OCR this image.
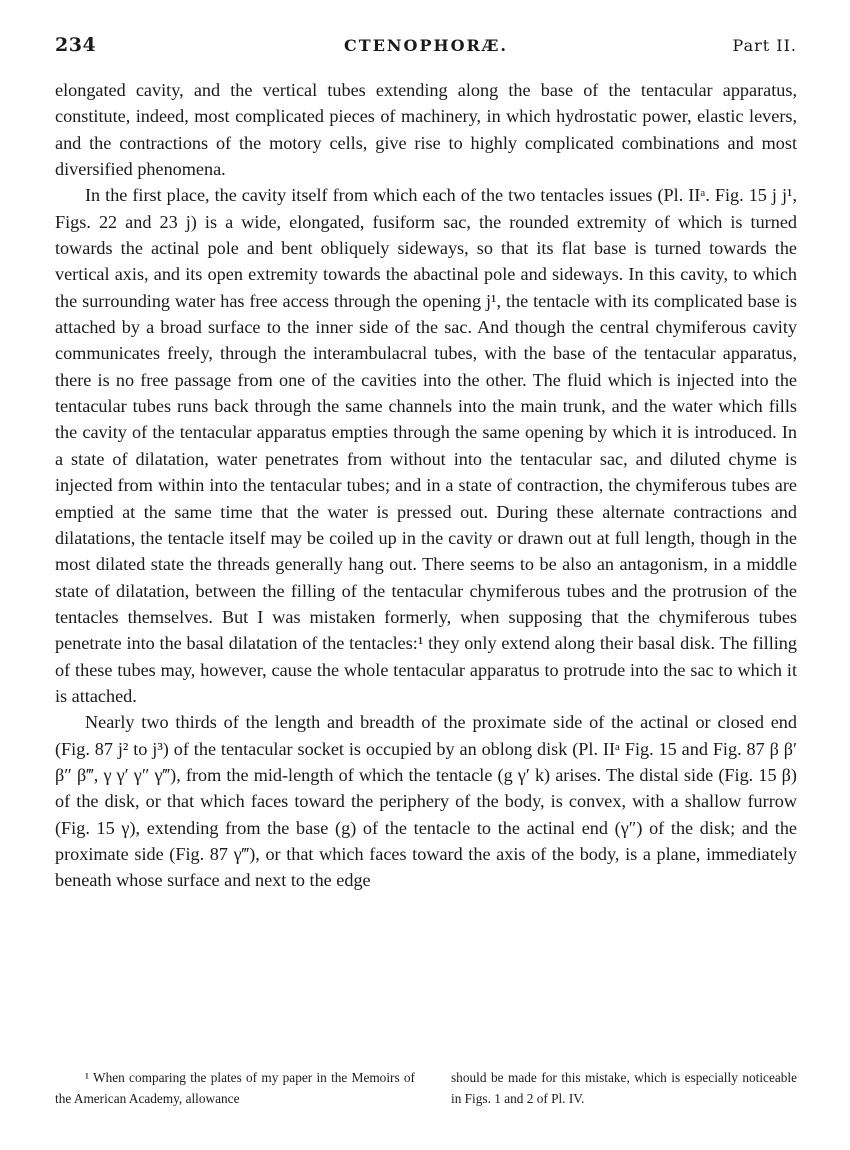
234	CTENOPHORÆ.	Part II.

elongated cavity, and the vertical tubes extending along the base of the tentacular apparatus, constitute, indeed, most complicated pieces of machinery, in which hydrostatic power, elastic levers, and the contractions of the motory cells, give rise to highly complicated combinations and most diversified phenomena.

In the first place, the cavity itself from which each of the two tentacles issues (Pl. IIᵃ. Fig. 15 j j¹, Figs. 22 and 23 j) is a wide, elongated, fusiform sac, the rounded extremity of which is turned towards the actinal pole and bent obliquely sideways, so that its flat base is turned towards the vertical axis, and its open extremity towards the abactinal pole and sideways. In this cavity, to which the surrounding water has free access through the opening j¹, the tentacle with its complicated base is attached by a broad surface to the inner side of the sac. And though the central chymiferous cavity communicates freely, through the interambulacral tubes, with the base of the tentacular apparatus, there is no free passage from one of the cavities into the other. The fluid which is injected into the tentacular tubes runs back through the same channels into the main trunk, and the water which fills the cavity of the tentacular apparatus empties through the same opening by which it is introduced. In a state of dilatation, water penetrates from without into the tentacular sac, and diluted chyme is injected from within into the tentacular tubes; and in a state of contraction, the chymiferous tubes are emptied at the same time that the water is pressed out. During these alternate contractions and dilatations, the tentacle itself may be coiled up in the cavity or drawn out at full length, though in the most dilated state the threads generally hang out. There seems to be also an antagonism, in a middle state of dilatation, between the filling of the tentacular chymiferous tubes and the protrusion of the tentacles themselves. But I was mistaken formerly, when supposing that the chymiferous tubes penetrate into the basal dilatation of the tentacles:¹ they only extend along their basal disk. The filling of these tubes may, however, cause the whole tentacular apparatus to protrude into the sac to which it is attached.

Nearly two thirds of the length and breadth of the proximate side of the actinal or closed end (Fig. 87 j² to j³) of the tentacular socket is occupied by an oblong disk (Pl. IIᵃ Fig. 15 and Fig. 87 β β′ β″ β‴, γ γ′ γ″ γ‴), from the mid-length of which the tentacle (g γ′ k) arises. The distal side (Fig. 15 β) of the disk, or that which faces toward the periphery of the body, is convex, with a shallow furrow (Fig. 15 γ), extending from the base (g) of the tentacle to the actinal end (γ″) of the disk; and the proximate side (Fig. 87 γ‴), or that which faces toward the axis of the body, is a plane, immediately beneath whose surface and next to the edge

¹ When comparing the plates of my paper in the Memoirs of the American Academy, allowance
should be made for this mistake, which is especially noticeable in Figs. 1 and 2 of Pl. IV.
